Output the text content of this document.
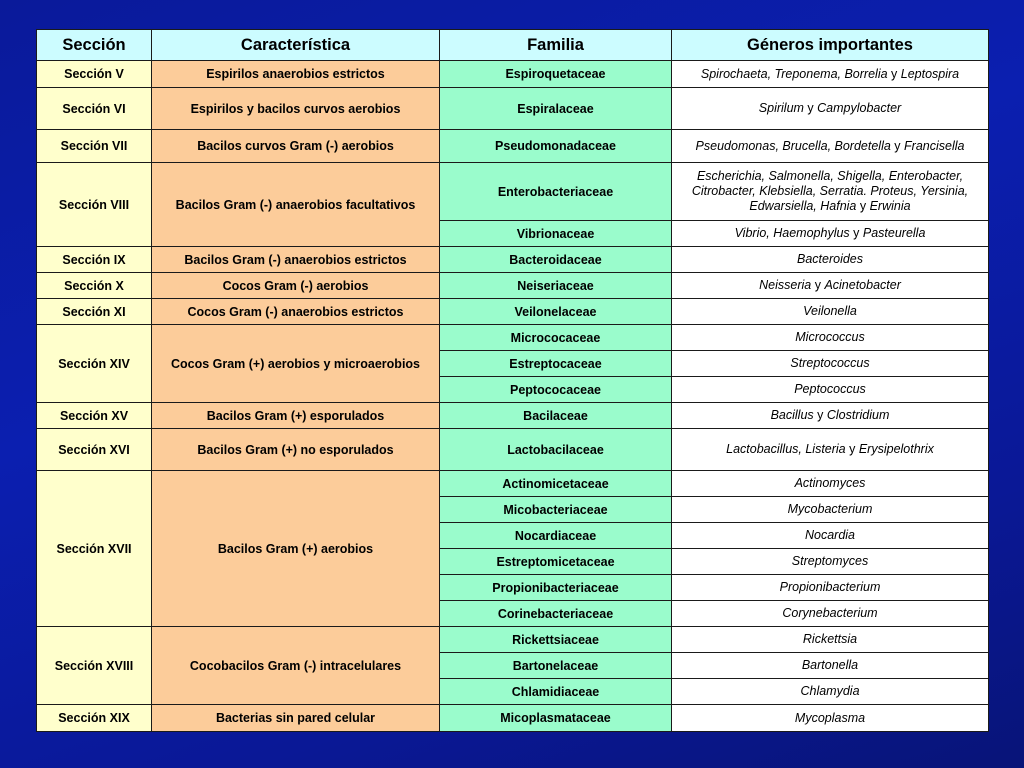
Sección	Característica	Familia	Géneros importantes
Sección V	Espirilos anaerobios estrictos	Espiroquetaceae	Spirochaeta, Treponema, Borrelia y Leptospira
Sección VI	Espirilos y bacilos curvos aerobios	Espiralaceae	Spirilum y Campylobacter
Sección VII	Bacilos curvos Gram (-) aerobios	Pseudomonadaceae	Pseudomonas, Brucella, Bordetella y Francisella
Sección VIII	Bacilos Gram (-) anaerobios facultativos	Enterobacteriaceae	Escherichia, Salmonella, Shigella, Enterobacter, Citrobacter, Klebsiella, Serratia. Proteus, Yersinia, Edwarsiella, Hafnia y Erwinia
		Vibrionaceae	Vibrio, Haemophylus y Pasteurella
Sección IX	Bacilos Gram (-) anaerobios estrictos	Bacteroidaceae	Bacteroides
Sección X	Cocos Gram (-) aerobios	Neiseriaceae	Neisseria y Acinetobacter
Sección XI	Cocos Gram (-) anaerobios estrictos	Veilonelaceae	Veilonella
Sección XIV	Cocos Gram (+) aerobios y microaerobios	Micrococaceae	Micrococcus
		Estreptocaceae	Streptococcus
		Peptococaceae	Peptococcus
Sección XV	Bacilos Gram (+) esporulados	Bacilaceae	Bacillus y Clostridium
Sección XVI	Bacilos Gram (+) no esporulados	Lactobacilaceae	Lactobacillus, Listeria y Erysipelothrix
Sección XVII	Bacilos Gram (+) aerobios	Actinomicetaceae	Actinomyces
		Micobacteriaceae	Mycobacterium
		Nocardiaceae	Nocardia
		Estreptomicetaceae	Streptomyces
		Propionibacteriaceae	Propionibacterium
		Corinebacteriaceae	Corynebacterium
Sección XVIII	Cocobacilos Gram (-) intracelulares	Rickettsiaceae	Rickettsia
		Bartonelaceae	Bartonella
		Chlamidiaceae	Chlamydia
Sección XIX	Bacterias sin pared celular	Micoplasmataceae	Mycoplasma
